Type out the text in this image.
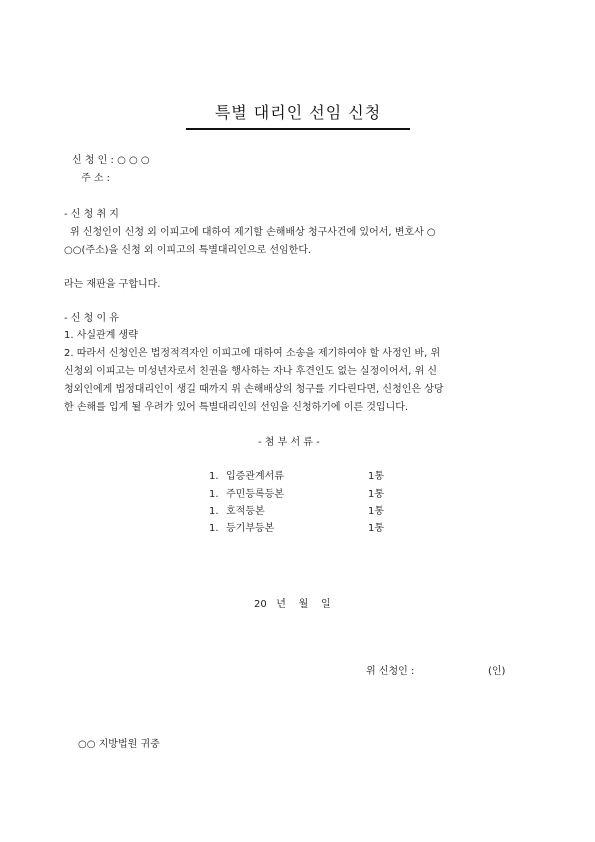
특별 대리인 선임 신청
신 청 인 : ○ ○ ○
주 소 :
- 신 청 취 지
위 신청인이 신청 외 이피고에 대하여 제기할 손해배상 청구사건에 있어서, 변호사 ○
○○(주소)을 신청 외 이피고의 특별대리인으로 선임한다.
라는 재판을 구합니다.
- 신 청 이 유
1. 사실관계 생략
2. 따라서 신청인은 법정적격자인 이피고에 대하여 소송을 제기하여야 할 사정인 바, 위
신청외 이피고는 미성년자로서 친권을 행사하는 자나 후견인도 없는 실정이어서, 위 신
청외인에게 법정대리인이 생길 때까지 위 손해배상의 청구를 기다린다면, 신청인은 상당
한 손해를 입게 될 우려가 있어 특별대리인의 선임을 신청하기에 이른 것입니다.
- 첨 부 서 류 -
1. 입증관계서류	1통
1. 주민등록등본	1통
1. 호적등본	1통
1. 등기부등본	1통
20   년    월    일
위 신청인 :	(인)
○○ 지방법원 귀중
